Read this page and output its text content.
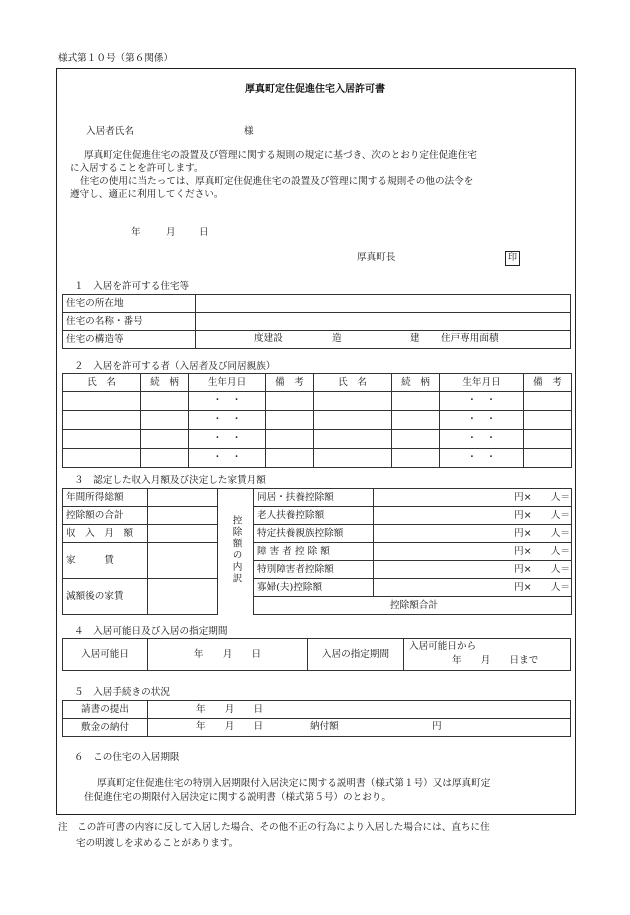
様式第１０号（第６関係）
厚真町定住促進住宅入居許可書
入居者氏名	様
厚真町定住促進住宅の設置及び管理に関する規則の規定に基づき、次のとおり定住促進住宅
に入居することを許可します。
住宅の使用に当たっては、厚真町定住促進住宅の設置及び管理に関する規則その他の法令を
遵守し、適正に利用してください。
年	月 日
厚真町長	印
１　入居を許可する住宅等
住宅の所在地	
住宅の名称・番号	
住宅の構造等	度建設 造 建 住戸専用面積
２　入居を許可する者（入居者及び同居親族）
氏　名	続　柄	生年月日	備　考	氏　名	続　柄	生年月日	備　考
		・　・				・　・	
		・　・				・　・	
		・　・				・　・	
		・　・				・　・	
３　認定した収入月額及び決定した家賃月額
年間所得総額		控除額の内訳	同居・扶養控除額	円×　　人＝
控除額の合計			老人扶養控除額	円×　　人＝
収　入　月　額			特定扶養親族控除額	円×　　人＝
家　　　賃			障 害 者 控 除 額	円×　　人＝
			特別障害者控除額	円×　　人＝
減額後の家賃			寡婦(夫)控除額	円×　　人＝
			控除額合計	
４　入居可能日及び入居の指定期間
入居可能日	年　　月　　日	入居の指定期間	
入居可能日から
年　　月　　日まで
５　入居手続きの状況
請書の提出	年　　月　　日
敷金の納付	年　　月　　日 納付額 円
６　この住宅の入居期限
厚真町定住促進住宅の特別入居期限付入居決定に関する説明書（様式第１号）又は厚真町定
住促進住宅の期限付入居決定に関する説明書（様式第５号）のとおり。
注　この許可書の内容に反して入居した場合、その他不正の行為により入居した場合には、直ちに住
宅の明渡しを求めることがあります。
